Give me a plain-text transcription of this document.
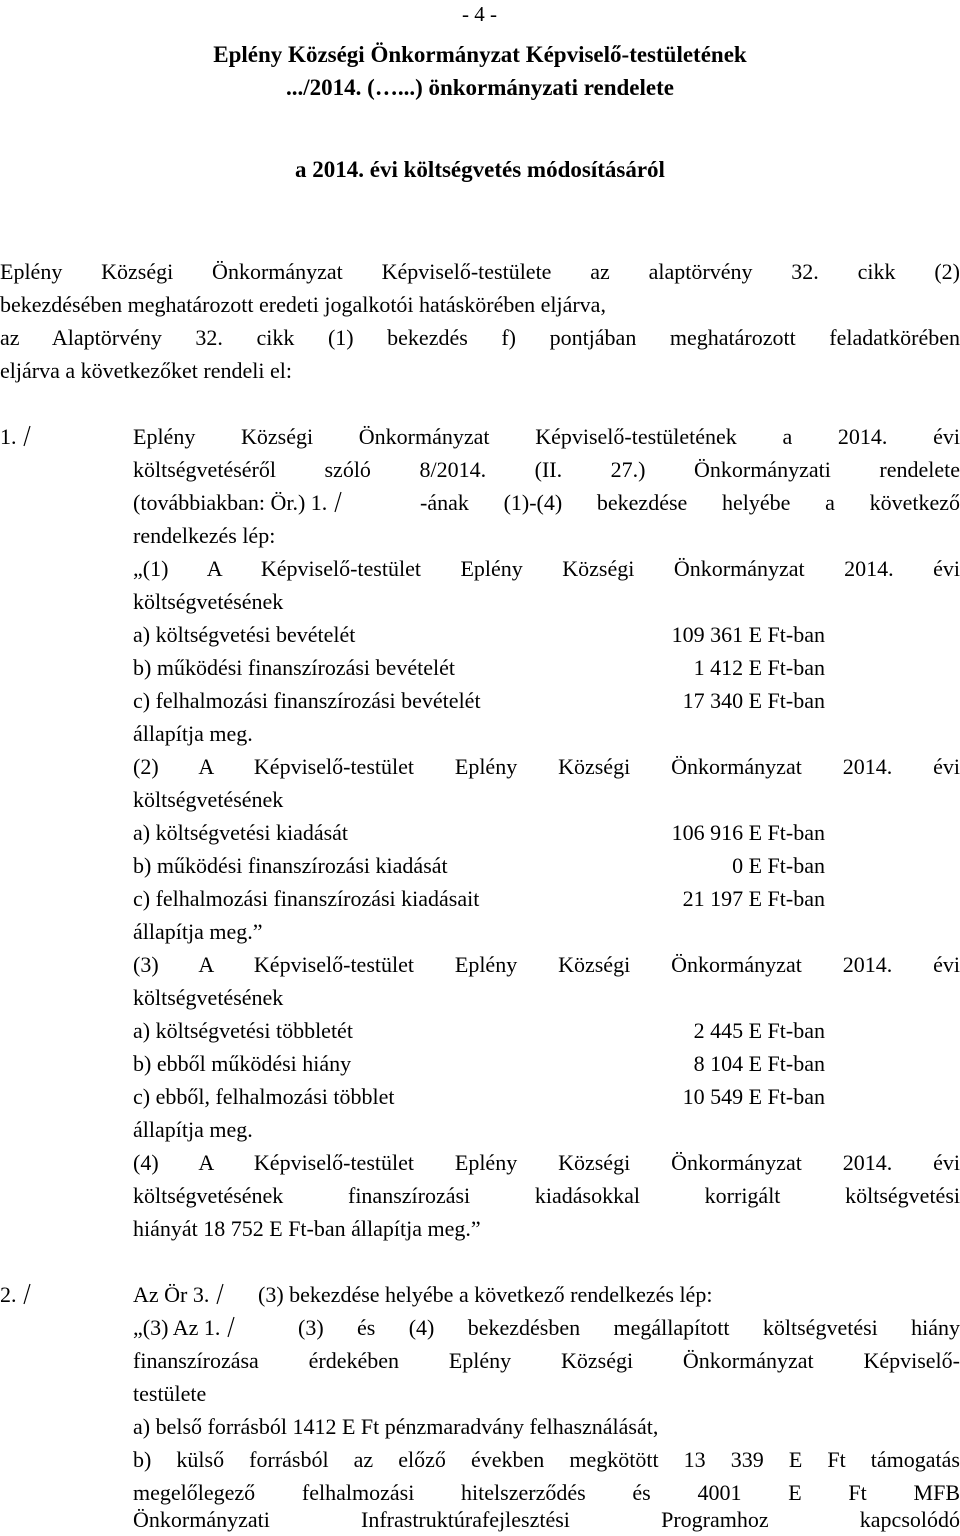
- 4 -
Eplény Községi Önkormányzat Képviselő-testületének
.../2014. (…...) önkormányzati rendelete
a 2014. évi költségvetés módosításáról
Eplény Községi Önkormányzat Képviselő-testülete az alaptörvény 32. cikk (2)
bekezdésében meghatározott eredeti jogalkotói hatáskörében eljárva,
az Alaptörvény 32. cikk (1) bekezdés f) pontjában meghatározott feladatkörében
eljárva a következőket rendeli el:
1.	Eplény Községi Önkormányzat Képviselő-testületének a 2014. évi
költségvetéséről szóló 8/2014. (II. 27.) Önkormányzati rendelete
(továbbiakban: Ör.) 1.	-ának (1)-(4) bekezdése helyébe a következő
rendelkezés lép:
„(1) A Képviselő-testület Eplény Községi Önkormányzat 2014. évi
költségvetésének
a) költségvetési bevételét	109 361 E Ft-ban
b) működési finanszírozási bevételét	1 412 E Ft-ban
c) felhalmozási finanszírozási bevételét	17 340 E Ft-ban
állapítja meg.
(2) A Képviselő-testület Eplény Községi Önkormányzat 2014. évi
költségvetésének
a) költségvetési kiadását	106 916 E Ft-ban
b) működési finanszírozási kiadását	0 E Ft-ban
c) felhalmozási finanszírozási kiadásait	21 197 E Ft-ban
állapítja meg.”
(3) A Képviselő-testület Eplény Községi Önkormányzat 2014. évi
költségvetésének
a) költségvetési többletét	2 445 E Ft-ban
b) ebből működési hiány	8 104 E Ft-ban
c) ebből, felhalmozási többlet	10 549 E Ft-ban
állapítja meg.
(4) A Képviselő-testület Eplény Községi Önkormányzat 2014. évi
költségvetésének finanszírozási kiadásokkal korrigált költségvetési
hiányát 18 752 E Ft-ban állapítja meg.”
2.	Az Ör 3.	(3) bekezdése helyébe a következő rendelkezés lép:
„(3) Az 1.	(3) és (4) bekezdésben megállapított költségvetési hiány
finanszírozása érdekében Eplény Községi Önkormányzat Képviselő-
testülete
a) belső forrásból 1412 E Ft pénzmaradvány felhasználását,
b) külső forrásból az előző években megkötött 13 339 E Ft támogatás
megelőlegező felhalmozási hitelszerződés és 4001 E Ft MFB
Önkormányzati Infrastruktúrafejlesztési Programhoz kapcsolódó
